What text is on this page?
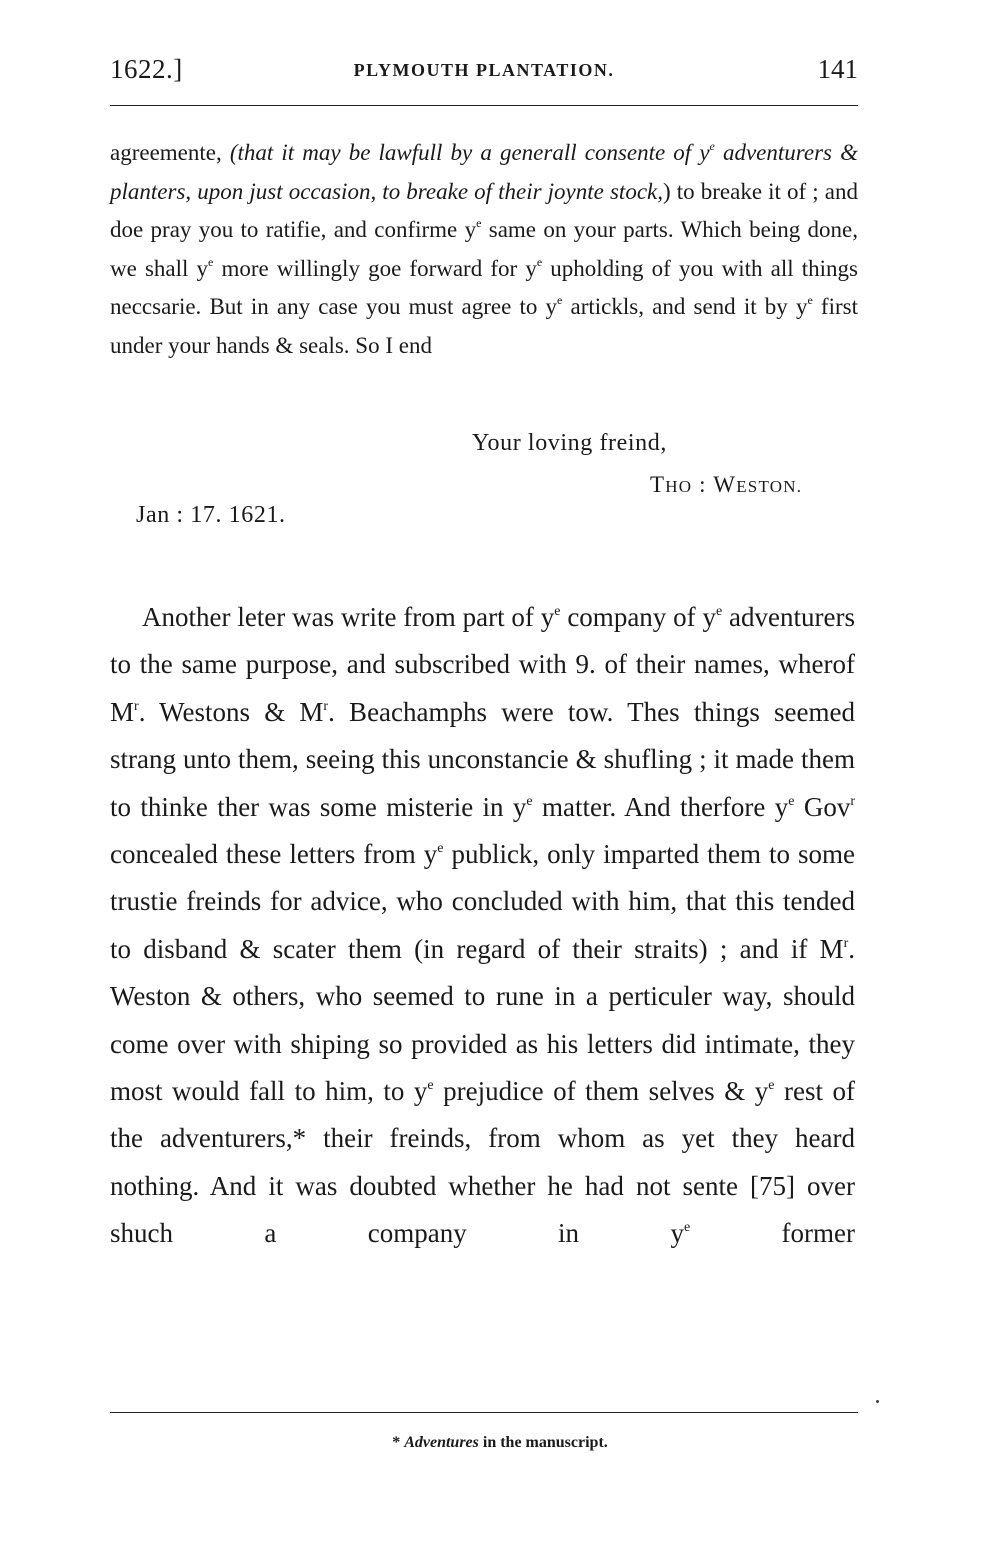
1622.]	PLYMOUTH PLANTATION.	141
agreemente, (that it may be lawfull by a generall consente of $y^e$ adventurers & planters, upon just occasion, to breake of their joynte stock,) to breake it of ; and doe pray you to ratifie, and confirme $y^e$ same on your parts. Which being done, we shall $y^e$ more willingly goe forward for $y^e$ upholding of you with all things neccsarie. But in any case you must agree to $y^e$ artickls, and send it by $y^e$ first under your hands & seals. So I end
Your loving freind,
THO : WESTON.
Jan : 17. 1621.

Another leter was write from part of $y^e$ company of $y^e$ adventurers to the same purpose, and subscribed with 9. of their names, wherof $M^r$. Westons & $M^r$. Beachamphs were tow. Thes things seemed strang unto them, seeing this unconstancie & shufling ; it made them to thinke ther was some misterie in $y^e$ matter. And therfore $y^e$ Gov$^r$ concealed these letters from $y^e$ publick, only imparted them to some trustie freinds for advice, who concluded with him, that this tended to disband & scater them (in regard of their straits) ; and if $M^r$. Weston & others, who seemed to rune in a perticuler way, should come over with shiping so provided as his letters did intimate, they most would fall to him, to $y^e$ prejudice of them selves & $y^e$ rest of the adventurers,* their freinds, from whom as yet they heard nothing. And it was doubted whether he had not sente [75] over shuch a company in $y^e$ former

* Adventures in the manuscript.
